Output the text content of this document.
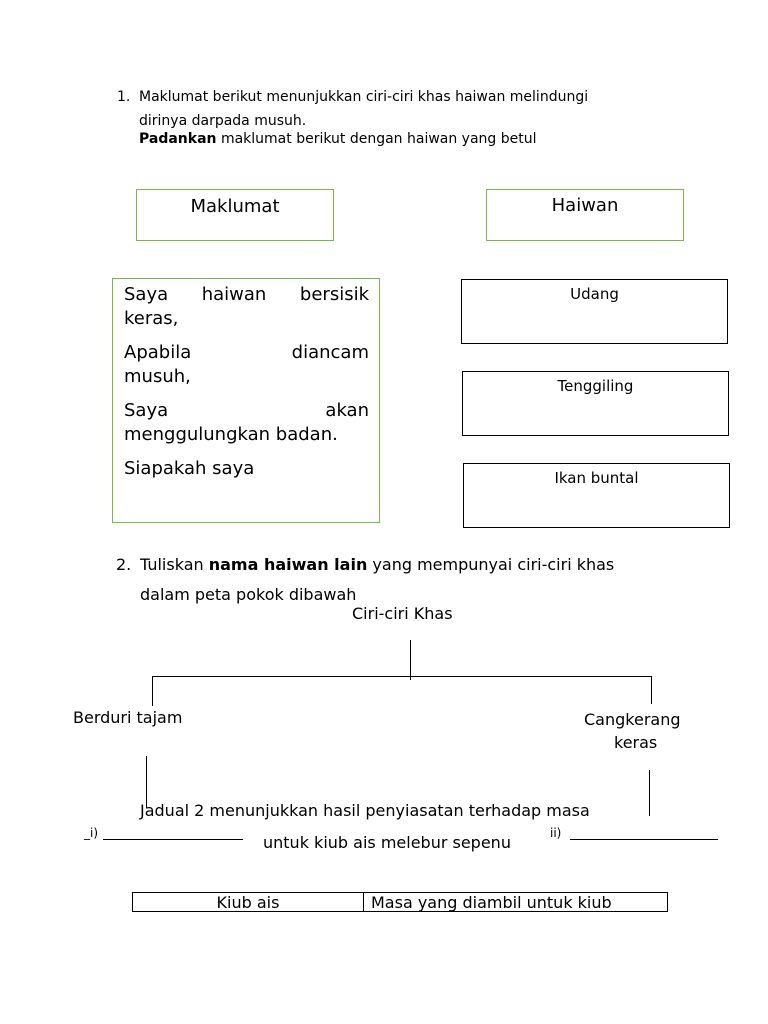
1. Maklumat berikut menunjukkan ciri-ciri khas haiwan melindungi
dirinya darpada musuh.
Padankan maklumat berikut dengan haiwan yang betul
Maklumat	Haiwan
Saya haiwan bersisik
keras,
Apabila diancam
musuh,
Saya akan
menggulungkan badan.
Siapakah saya
Udang
Tenggiling
Ikan buntal
2. Tuliskan nama haiwan lain yang mempunyai ciri-ciri khas
dalam peta pokok dibawah
Ciri-ciri Khas
Berduri tajam	Cangkerang
keras
Jadual 2 menunjukkan hasil penyiasatan terhadap masa
untuk kiub ais melebur sepenu
_i)	ii)
Kiub ais	Masa yang diambil untuk kiub
